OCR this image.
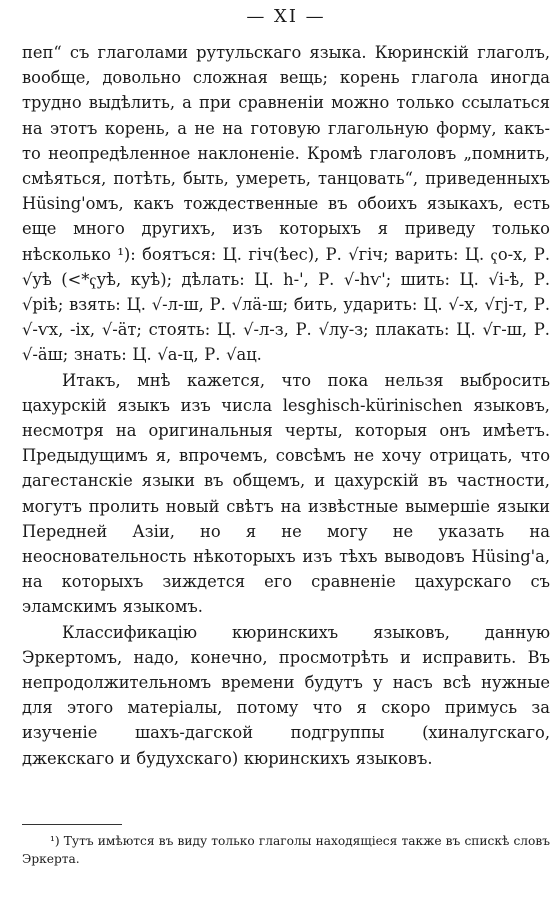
— XI —

пеп“ съ глаголами рутульскаго языка. Кюринскій глаголъ, вообще, довольно сложная вещь; корень глагола иногда трудно выдѣлить, а при сравненіи можно только ссылаться на этотъ корень, а не на готовую глагольную форму, какъ-то неопредѣленное наклоненіе. Кромѣ глаголовъ „помнить, смѣяться, потѣть, быть, умереть, танцовать“, приведенныхъ Hüsing'омъ, какъ тождественные въ обоихъ языкахъ, есть еще много другихъ, изъ которыхъ я приведу только нѣсколько ¹): боятъся: Ц. гіч(ѣес), Р. √гіч; варить: Ц. ҁо-х, Р. √уѣ (<*ҁуѣ, куѣ); дѣлать: Ц. h-', Р. √-hѵ'; шить: Ц. √і-ѣ, Р. √ріѣ; взять: Ц. √-л-ш, Р. √лӓ-ш; бить, ударить: Ц. √-х, √гј-т, Р. √-ѵх, -іх, √-ӓт; стоять: Ц. √-л-з, Р. √лу-з; плакать: Ц. √г-ш, Р. √-ӓш; знать: Ц. √а-ц, Р. √ац.

Итакъ, мнѣ кажется, что пока нельзя выбросить цахурскій языкъ изъ числа lesghisch-kürinischen языковъ, несмотря на оригинальныя черты, которыя онъ имѣетъ. Предыдущимъ я, впрочемъ, совсѣмъ не хочу отрицать, что дагестанскіе языки въ общемъ, и цахурскій въ частности, могутъ пролить новый свѣтъ на извѣстные вымершіе языки Передней Азіи, но я не могу не указать на неосновательность нѣкоторыхъ изъ тѣхъ выводовъ Hüsing'а, на которыхъ зиждется его сравненіе цахурскаго съ эламскимъ языкомъ.

Классификацію кюринскихъ языковъ, данную Эркертомъ, надо, конечно, просмотрѣть и исправить. Въ непродолжительномъ времени будутъ у насъ всѣ нужные для этого матеріалы, потому что я скоро примусь за изученіе шахъ-дагской подгруппы (хиналугскаго, джекскаго и будухскаго) кюринскихъ языковъ.

¹) Тутъ имѣются въ виду только глаголы находящіеся также въ спискѣ словъ Эркерта.
